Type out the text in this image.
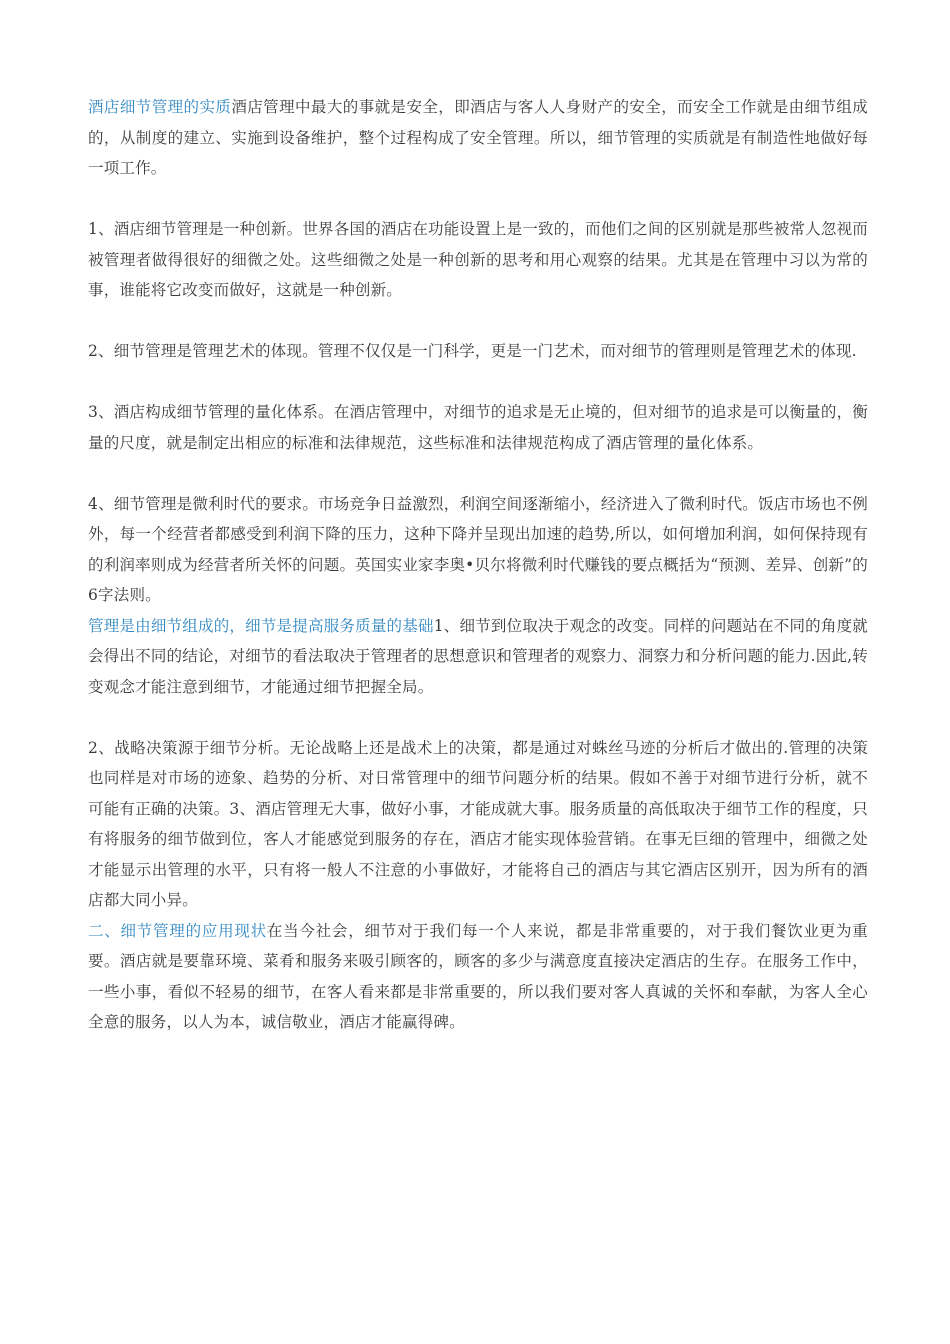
酒店细节管理的实质酒店管理中最大的事就是安全，即酒店与客人人身财产的安全，而安全工作就是由细节组成的，从制度的建立、实施到设备维护，整个过程构成了安全管理。所以，细节管理的实质就是有制造性地做好每一项工作。

1、酒店细节管理是一种创新。世界各国的酒店在功能设置上是一致的，而他们之间的区别就是那些被常人忽视而被管理者做得很好的细微之处。这些细微之处是一种创新的思考和用心观察的结果。尤其是在管理中习以为常的事，谁能将它改变而做好，这就是一种创新。

2、细节管理是管理艺术的体现。管理不仅仅是一门科学，更是一门艺术，而对细节的管理则是管理艺术的体现.

3、酒店构成细节管理的量化体系。在酒店管理中，对细节的追求是无止境的，但对细节的追求是可以衡量的，衡量的尺度，就是制定出相应的标准和法律规范，这些标准和法律规范构成了酒店管理的量化体系。

4、细节管理是微利时代的要求。市场竞争日益激烈，利润空间逐渐缩小，经济进入了微利时代。饭店市场也不例外，每一个经营者都感受到利润下降的压力，这种下降并呈现出加速的趋势,所以，如何增加利润，如何保持现有的利润率则成为经营者所关怀的问题。英国实业家李奥•贝尔将微利时代赚钱的要点概括为“预测、差异、创新”的6字法则。

管理是由细节组成的，细节是提高服务质量的基础1、细节到位取决于观念的改变。同样的问题站在不同的角度就会得出不同的结论，对细节的看法取决于管理者的思想意识和管理者的观察力、洞察力和分析问题的能力.因此,转变观念才能注意到细节，才能通过细节把握全局。

2、战略决策源于细节分析。无论战略上还是战术上的决策，都是通过对蛛丝马迹的分析后才做出的.管理的决策也同样是对市场的迹象、趋势的分析、对日常管理中的细节问题分析的结果。假如不善于对细节进行分析，就不可能有正确的决策。3、酒店管理无大事，做好小事，才能成就大事。服务质量的高低取决于细节工作的程度，只有将服务的细节做到位，客人才能感觉到服务的存在，酒店才能实现体验营销。在事无巨细的管理中，细微之处才能显示出管理的水平，只有将一般人不注意的小事做好，才能将自己的酒店与其它酒店区别开，因为所有的酒店都大同小异。

二、细节管理的应用现状在当今社会，细节对于我们每一个人来说，都是非常重要的，对于我们餐饮业更为重要。酒店就是要靠环境、菜肴和服务来吸引顾客的，顾客的多少与满意度直接决定酒店的生存。在服务工作中，一些小事，看似不轻易的细节，在客人看来都是非常重要的，所以我们要对客人真诚的关怀和奉献，为客人全心全意的服务，以人为本，诚信敬业，酒店才能赢得碑。
